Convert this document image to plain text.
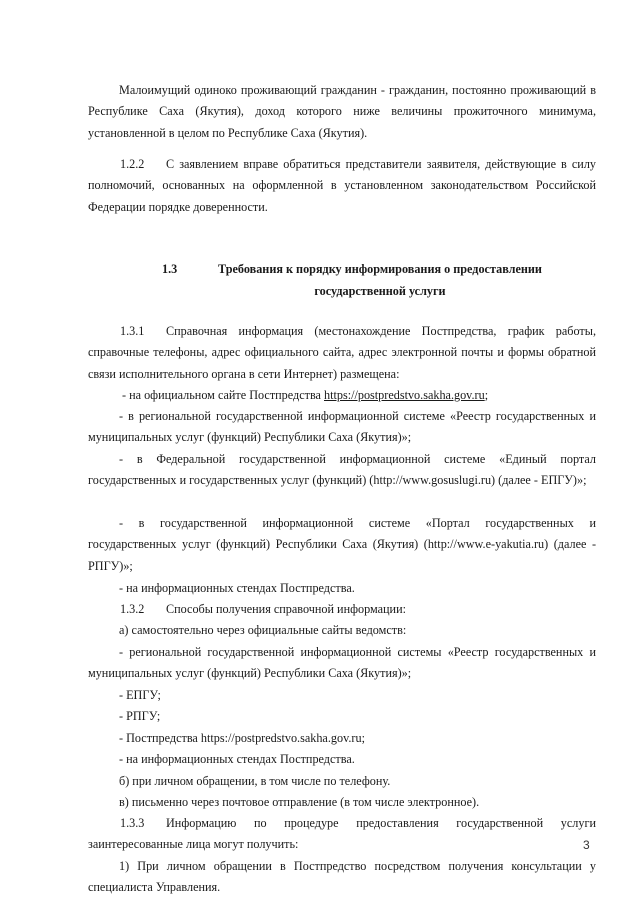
Малоимущий одиноко проживающий гражданин - гражданин, постоянно проживающий в Республике Саха (Якутия), доход которого ниже величины прожиточного минимума, установленной в целом по Республике Саха (Якутия).

1.2.2 С заявлением вправе обратиться представители заявителя, действующие в силу полномочий, основанных на оформленной в установленном законодательством Российской Федерации порядке доверенности.

1.3	Требования к порядку информирования о предоставлении

государственной услуги

1.3.1 Справочная информация (местонахождение Постпредства, график работы, справочные телефоны, адрес официального сайта, адрес электронной почты и формы обратной связи исполнительного органа в сети Интернет) размещена:

- на официальном сайте Постпредства https://postpredstvo.sakha.gov.ru;

- в региональной государственной информационной системе «Реестр государственных и муниципальных услуг (функций) Республики Саха (Якутия)»;

- в Федеральной государственной информационной системе «Единый портал государственных и государственных услуг (функций) (http://www.gosuslugi.ru) (далее - ЕПГУ)»;

- в государственной информационной системе «Портал государственных и государственных услуг (функций) Республики Саха (Якутия) (http://www.e-yakutia.ru) (далее - РПГУ)»;

- на информационных стендах Постпредства.

1.3.2 Способы получения справочной информации:

а) самостоятельно через официальные сайты ведомств:

- региональной государственной информационной системы «Реестр государственных и муниципальных услуг (функций) Республики Саха (Якутия)»;

- ЕПГУ;

- РПГУ;

- Постпредства https://postpredstvo.sakha.gov.ru;

- на информационных стендах Постпредства.

б) при личном обращении, в том числе по телефону.

в) письменно через почтовое отправление (в том числе электронное).

1.3.3 Информацию по процедуре предоставления государственной услуги заинтересованные лица могут получить:

1) При личном обращении в Постпредство посредством получения консультации у специалиста Управления.

3
